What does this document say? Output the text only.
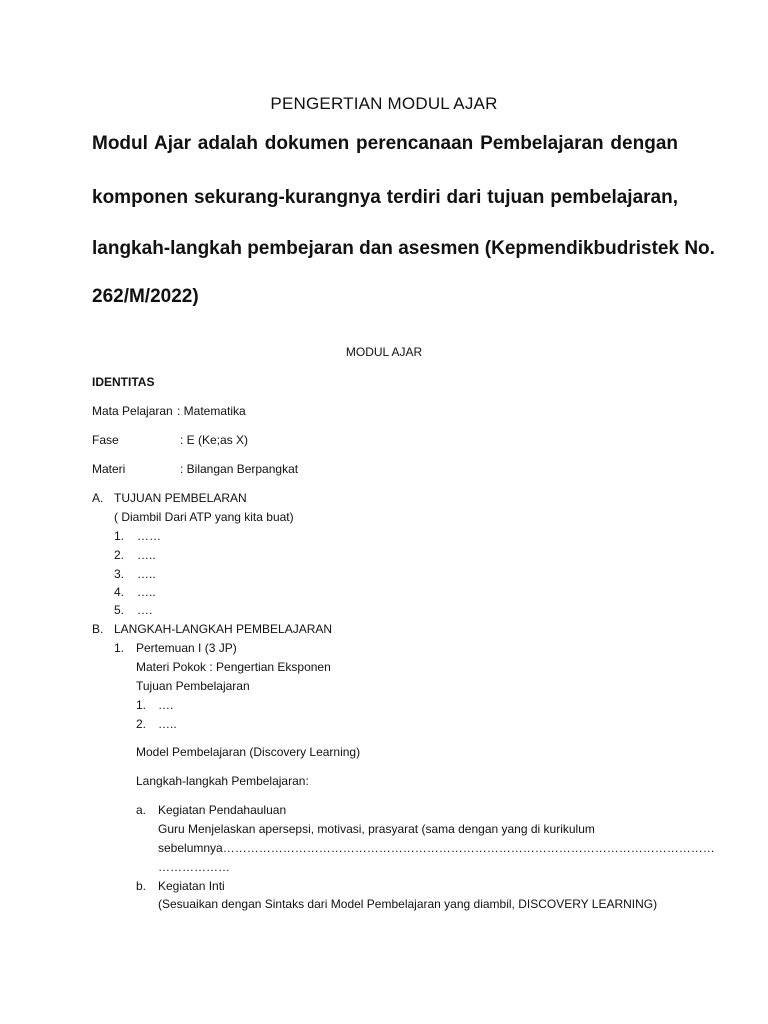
PENGERTIAN MODUL AJAR
Modul Ajar adalah dokumen perencanaan Pembelajaran dengan
komponen sekurang-kurangnya terdiri dari tujuan pembelajaran,
langkah-langkah pembejaran dan asesmen (Kepmendikbudristek No.
262/M/2022)
MODUL AJAR
IDENTITAS
Mata Pelajaran : Matematika
Fase	: E (Ke;as X)
Materi	: Bilangan Berpangkat
A. TUJUAN PEMBELARAN
( Diambil Dari ATP yang kita buat)
1. ……
2. …..
3. …..
4. …..
5. ….
B. LANGKAH-LANGKAH PEMBELAJARAN
1. Pertemuan I (3 JP)
Materi Pokok : Pengertian Eksponen
Tujuan Pembelajaran
1. ….
2. …..
Model Pembelajaran (Discovery Learning)
Langkah-langkah Pembelajaran:
a. Kegiatan Pendahauluan
Guru Menjelaskan apersepsi, motivasi, prasyarat (sama dengan yang di kurikulum
sebelumnya……………………………………………………………………………………………………………
………………
b. Kegiatan Inti
(Sesuaikan dengan Sintaks dari Model Pembelajaran yang diambil, DISCOVERY LEARNING)
